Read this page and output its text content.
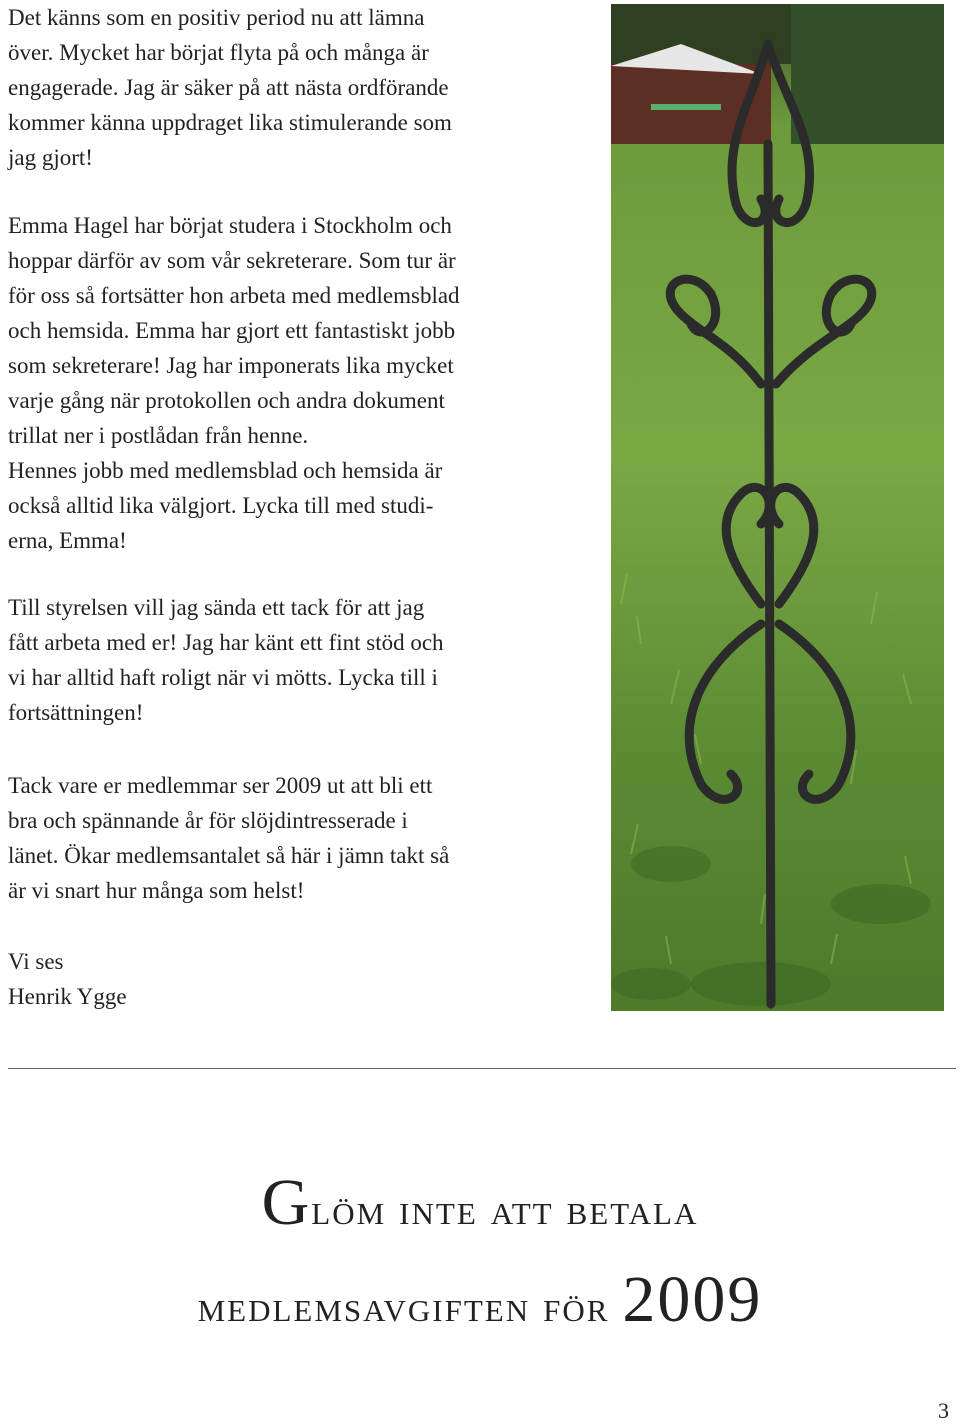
Det känns som en positiv period nu att lämna
över. Mycket har börjat flyta på och många är
engagerade. Jag är säker på att nästa ordförande
kommer känna uppdraget lika stimulerande som
jag gjort!

Emma Hagel har börjat studera i Stockholm och
hoppar därför av som vår sekreterare. Som tur är
för oss så fortsätter hon arbeta med medlemsblad
och hemsida. Emma har gjort ett fantastiskt jobb
som sekreterare! Jag har imponerats lika mycket
varje gång när protokollen och andra dokument
trillat ner i postlådan från henne.
Hennes jobb med medlemsblad och hemsida är
också alltid lika välgjort. Lycka till med studi-
erna, Emma!

Till styrelsen vill jag sända ett tack för att jag
fått arbeta med er! Jag har känt ett fint stöd och
vi har alltid haft roligt när vi mötts. Lycka till i
fortsättningen!

Tack vare er medlemmar ser 2009 ut att bli ett
bra och spännande år för slöjdintresserade i
länet. Ökar medlemsantalet så här i jämn takt så
är vi snart hur många som helst!

Vi ses
Henrik Ygge

Glöm inte att betala
medlemsavgiften för 2009
3
